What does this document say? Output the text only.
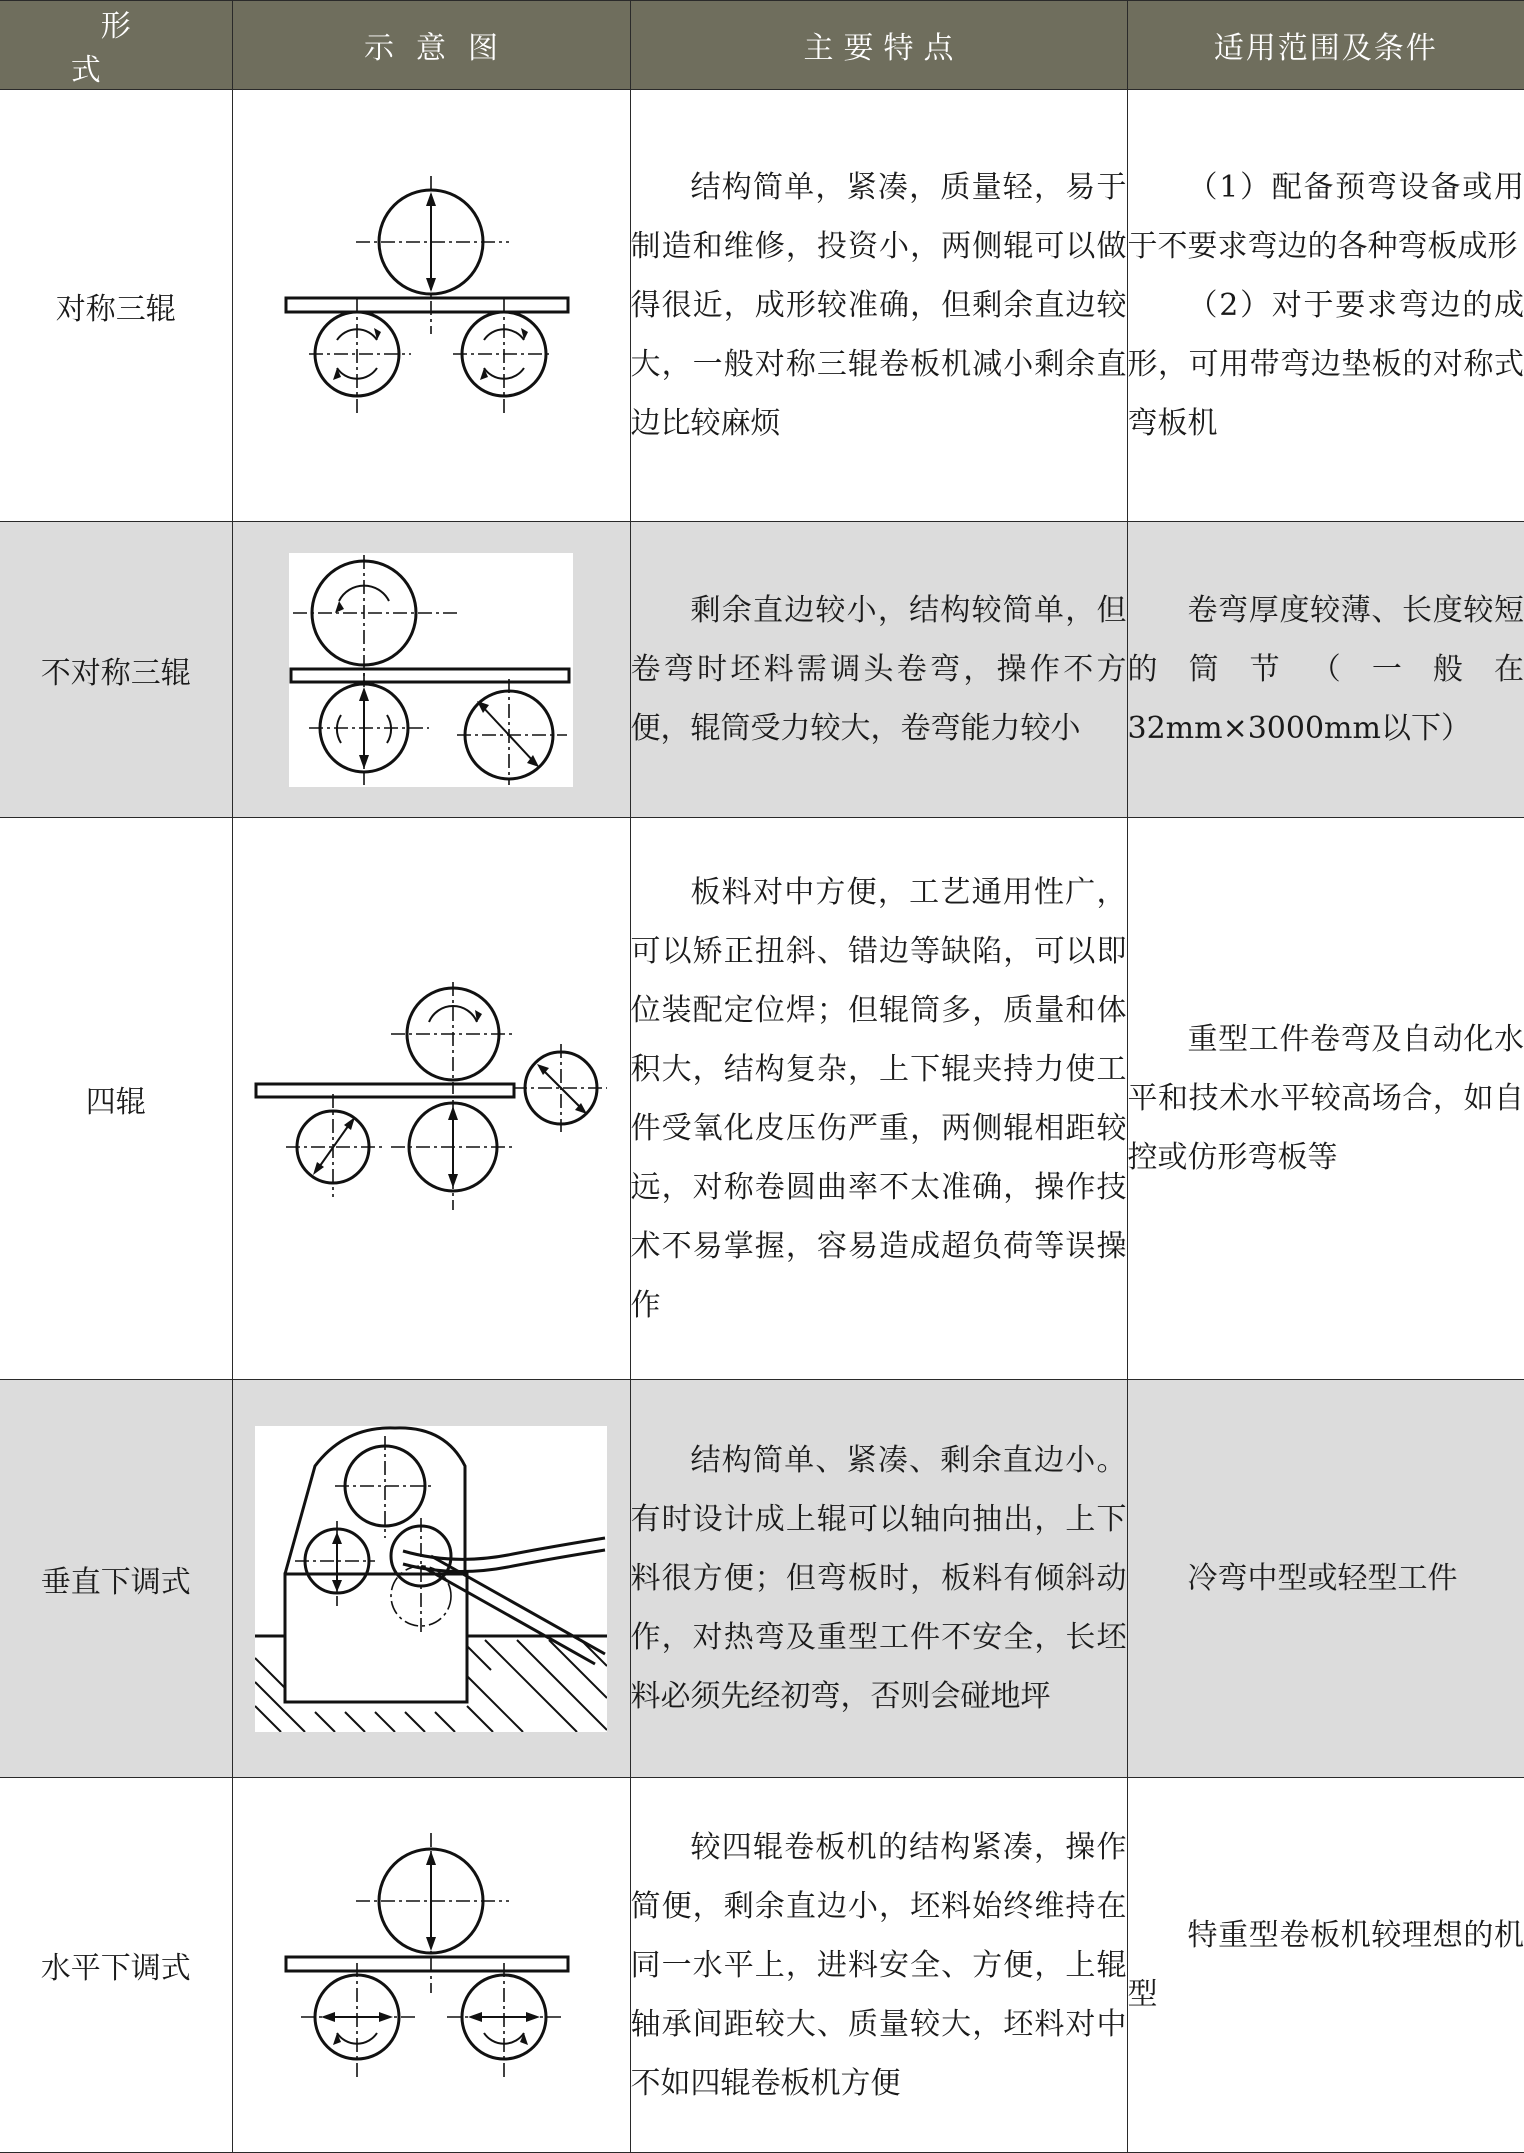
形式	示意图	主要特点	适用范围及条件
对称三辊		结构简单，紧凑，质量轻，易于制造和维修，投资小，两侧辊可以做得很近，成形较准确，但剩余直边较大，一般对称三辊卷板机减小剩余直边比较麻烦	（1）配备预弯设备或用于不要求弯边的各种弯板成形

（2）对于要求弯边的成形，可用带弯边垫板的对称式弯板机

不对称三辊		剩余直边较小，结构较简单，但卷弯时坯料需调头卷弯，操作不方便，辊筒受力较大，卷弯能力较小	卷弯厚度较薄、长度较短的筒节（一般在32mm×3000mm以下）

四辊		板料对中方便，工艺通用性广，可以矫正扭斜、错边等缺陷，可以即位装配定位焊；但辊筒多，质量和体积大，结构复杂，上下辊夹持力使工件受氧化皮压伤严重，两侧辊相距较远，对称卷圆曲率不太准确，操作技术不易掌握，容易造成超负荷等误操作	重型工件卷弯及自动化水平和技术水平较高场合，如自控或仿形弯板等

垂直下调式		结构简单、紧凑、剩余直边小。有时设计成上辊可以轴向抽出，上下料很方便；但弯板时，板料有倾斜动作，对热弯及重型工件不安全，长坯料必须先经初弯，否则会碰地坪	冷弯中型或轻型工件

水平下调式		较四辊卷板机的结构紧凑，操作简便，剩余直边小，坯料始终维持在同一水平上，进料安全、方便，上辊轴承间距较大、质量较大，坯料对中不如四辊卷板机方便	特重型卷板机较理想的机型
